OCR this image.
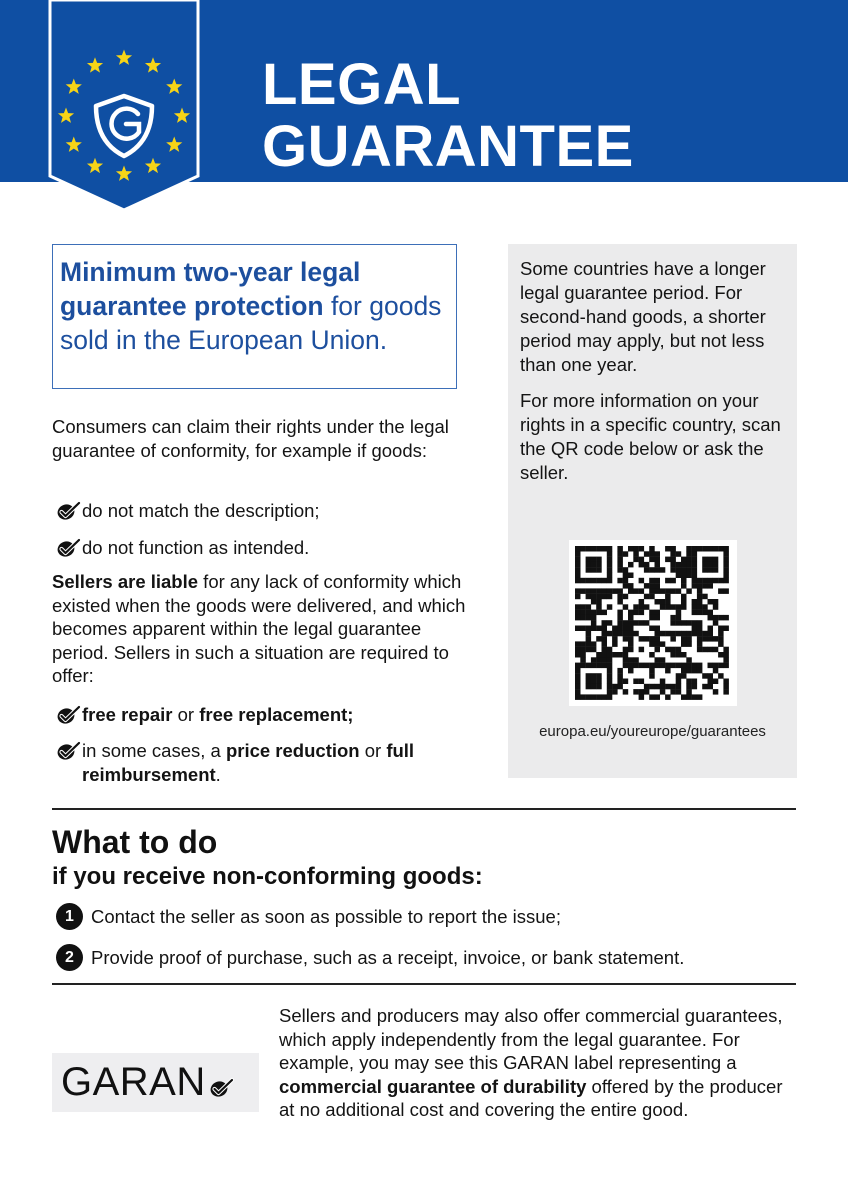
LEGAL
GUARANTEE
Minimum two-year legal guarantee protection for goods sold in the European Union.
Consumers can claim their rights under the legal guarantee of conformity, for example if goods:
do not match the description;
do not function as intended.
Sellers are liable for any lack of conformity which existed when the goods were delivered, and which becomes apparent within the legal guarantee period. Sellers in such a situation are required to offer:
free repair or free replacement;
in some cases, a price reduction or full reimbursement.

Some countries have a longer legal guarantee period. For second-hand goods, a shorter period may apply, but not less than one year.

For more information on your rights in a specific country, scan the QR code below or ask the seller.

europa.eu/youreurope/guarantees
What to do
if you receive non-conforming goods:
1 Contact the seller as soon as possible to report the issue;
2 Provide proof of purchase, such as a receipt, invoice, or bank statement.
GARAN
Sellers and producers may also offer commercial guarantees, which apply independently from the legal guarantee. For example, you may see this GARAN label representing a commercial guarantee of durability offered by the producer at no additional cost and covering the entire good.
